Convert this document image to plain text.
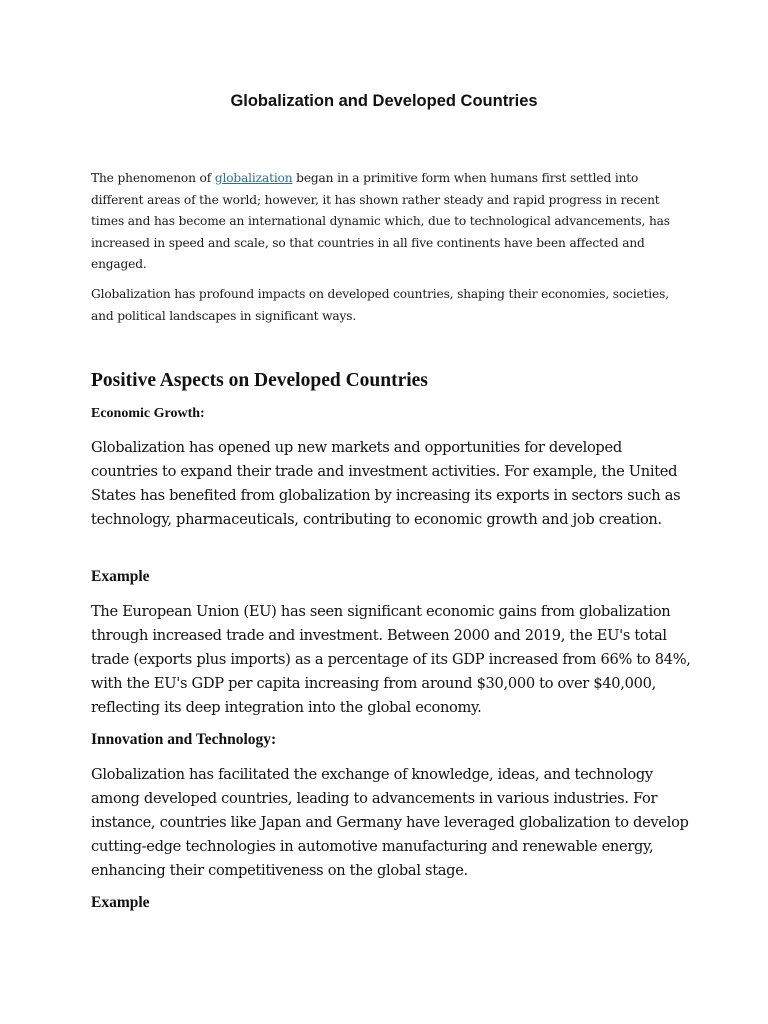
Globalization and Developed Countries

The phenomenon of globalization began in a primitive form when humans first settled into different areas of the world; however, it has shown rather steady and rapid progress in recent times and has become an international dynamic which, due to technological advancements, has increased in speed and scale, so that countries in all five continents have been affected and engaged.

Globalization has profound impacts on developed countries, shaping their economies, societies, and political landscapes in significant ways.

Positive Aspects on Developed Countries
Economic Growth:

Globalization has opened up new markets and opportunities for developed countries to expand their trade and investment activities. For example, the United States has benefited from globalization by increasing its exports in sectors such as technology, pharmaceuticals, contributing to economic growth and job creation.

Example

The European Union (EU) has seen significant economic gains from globalization through increased trade and investment. Between 2000 and 2019, the EU's total trade (exports plus imports) as a percentage of its GDP increased from 66% to 84%, with the EU's GDP per capita increasing from around $30,000 to over $40,000, reflecting its deep integration into the global economy.

Innovation and Technology:

Globalization has facilitated the exchange of knowledge, ideas, and technology among developed countries, leading to advancements in various industries. For instance, countries like Japan and Germany have leveraged globalization to develop cutting-edge technologies in automotive manufacturing and renewable energy, enhancing their competitiveness on the global stage.

Example
